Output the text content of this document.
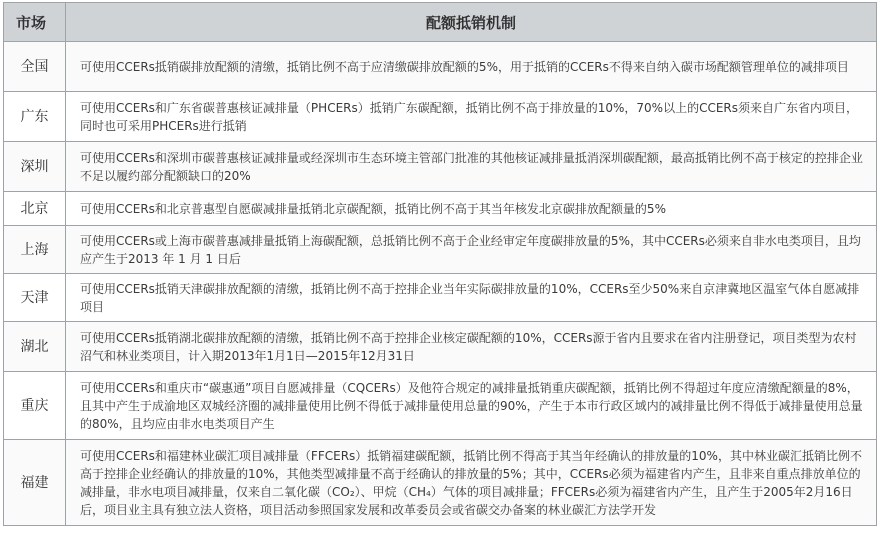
市场	配额抵销机制
全国	可使用CCERs抵销碳排放配额的清缴，抵销比例不高于应清缴碳排放配额的5%，用于抵销的CCERs不得来自纳入碳市场配额管理单位的减排项目
广东	可使用CCERs和广东省碳普惠核证减排量（PHCERs）抵销广东碳配额，抵销比例不高于排放量的10%，70%以上的CCERs须来自广东省内项目，同时也可采用PHCERs进行抵销
深圳	可使用CCERs和深圳市碳普惠核证减排量或经深圳市生态环境主管部门批准的其他核证减排量抵消深圳碳配额，最高抵销比例不高于核定的控排企业不足以履约部分配额缺口的20%
北京	可使用CCERs和北京普惠型自愿碳减排量抵销北京碳配额，抵销比例不高于其当年核发北京碳排放配额量的5%
上海	可使用CCERs或上海市碳普惠减排量抵销上海碳配额，总抵销比例不高于企业经审定年度碳排放量的5%，其中CCERs必须来自非水电类项目，且均应产生于2013 年 1 月 1 日后
天津	可使用CCERs抵销天津碳排放配额的清缴，抵销比例不高于控排企业当年实际碳排放量的10%，CCERs至少50%来自京津冀地区温室气体自愿减排项目
湖北	可使用CCERs抵销湖北碳排放配额的清缴，抵销比例不高于控排企业核定碳配额的10%，CCERs源于省内且要求在省内注册登记，项目类型为农村沼气和林业类项目，计入期2013年1月1日—2015年12月31日
重庆	可使用CCERs和重庆市“碳惠通”项目自愿减排量（CQCERs）及他符合规定的减排量抵销重庆碳配额，抵销比例不得超过年度应清缴配额量的8%，且其中产生于成渝地区双城经济圈的减排量使用比例不得低于减排量使用总量的90%，产生于本市行政区域内的减排量比例不得低于减排量使用总量的80%，且均应由非水电类项目产生
福建	可使用CCERs和福建林业碳汇项目减排量（FFCERs）抵销福建碳配额，抵销比例不得高于其当年经确认的排放量的10%，其中林业碳汇抵销比例不高于控排企业经确认的排放量的10%，其他类型减排量不高于经确认的排放量的5%；其中，CCERs必须为福建省内产生，且非来自重点排放单位的减排量，非水电项目减排量，仅来自二氧化碳（CO₂）、甲烷（CH₄）气体的项目减排量；FFCERs必须为福建省内产生，且产生于2005年2月16日后，项目业主具有独立法人资格，项目活动参照国家发展和改革委员会或省碳交办备案的林业碳汇方法学开发
